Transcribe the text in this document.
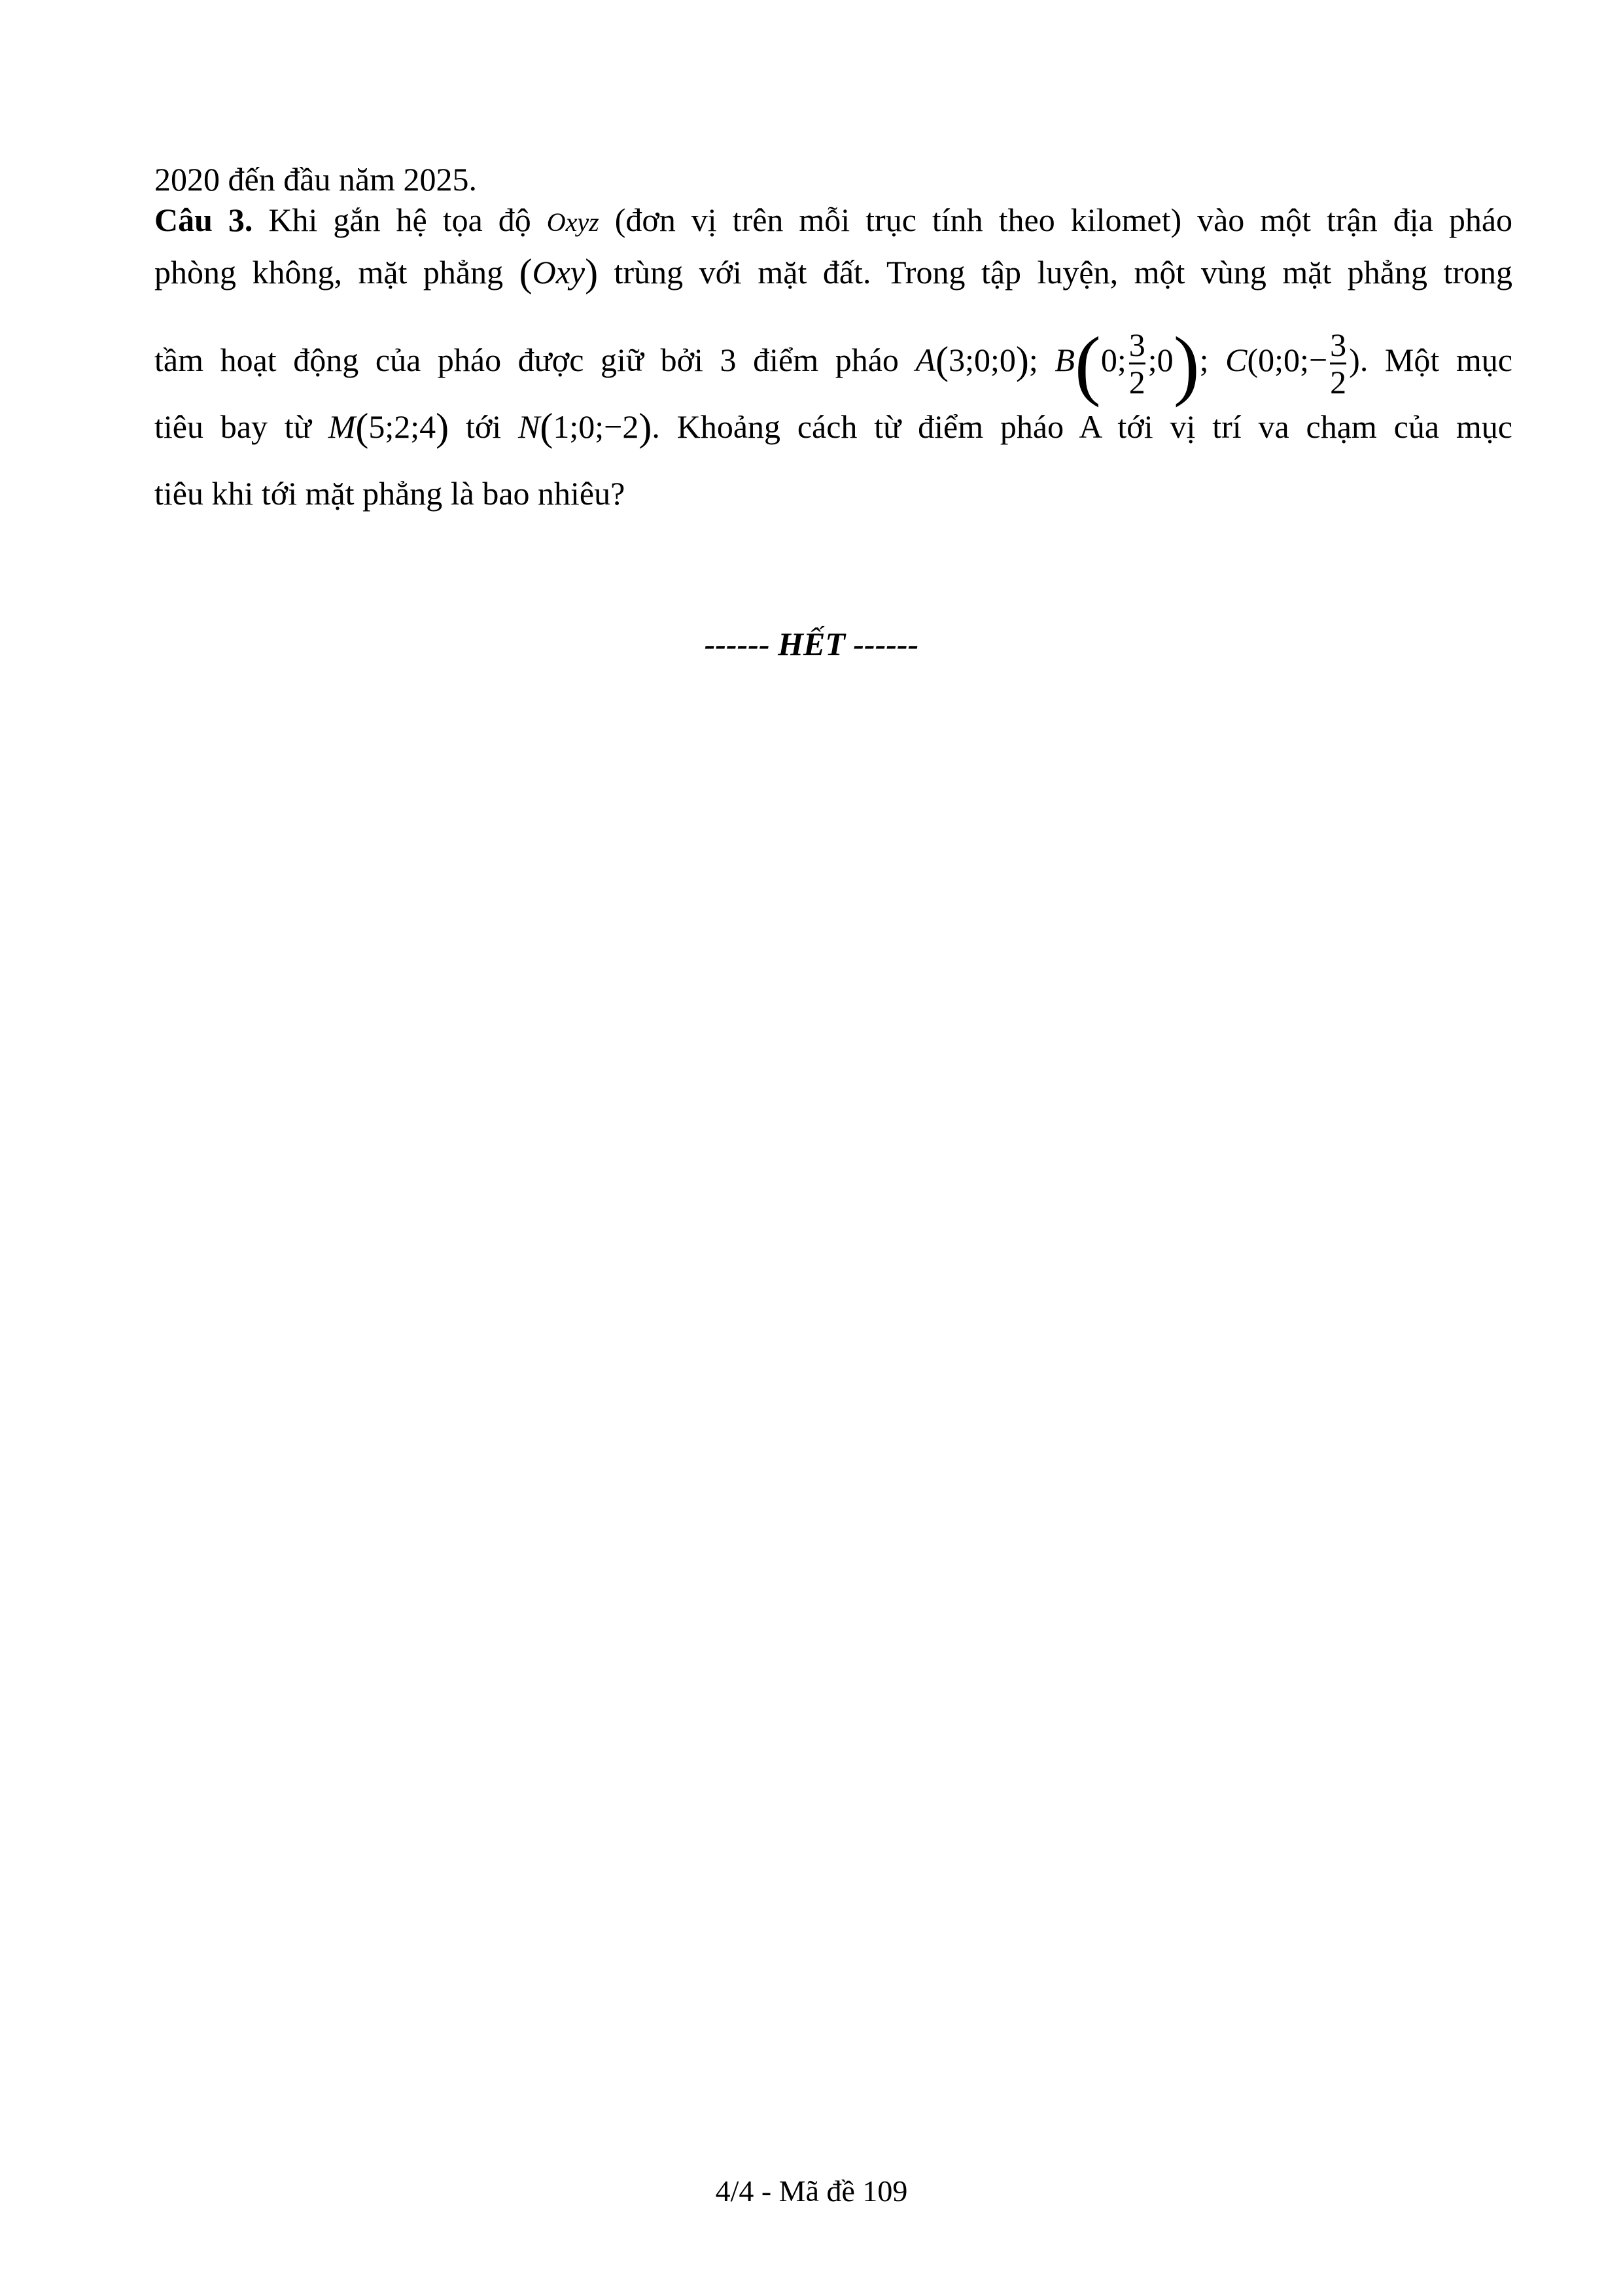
2020 đến đầu năm 2025.
Câu 3. Khi gắn hệ tọa độ Oxyz (đơn vị trên mỗi trục tính theo kilomet) vào một trận địa pháo
phòng không, mặt phẳng (Oxy) trùng với mặt đất. Trong tập luyện, một vùng mặt phẳng trong
tầm hoạt động của pháo được giữ bởi 3 điểm pháo A(3;0;0); B(0; $\frac{3}{2}$ ;0); C(0;0;− $\frac{3}{2}$ ). Một mục
tiêu bay từ M(5;2;4) tới N(1;0;−2). Khoảng cách từ điểm pháo A tới vị trí va chạm của mục
tiêu khi tới mặt phẳng là bao nhiêu?
------ HẾT ------
4/4 - Mã đề 109
